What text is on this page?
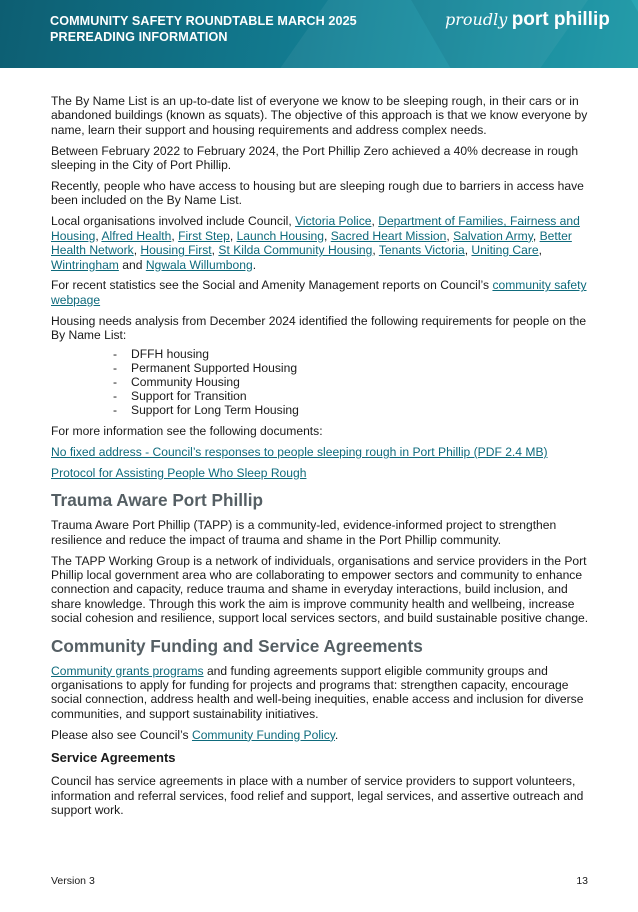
COMMUNITY SAFETY ROUNDTABLE MARCH 2025
PREREADING INFORMATION
proudly port phillip

The By Name List is an up-to-date list of everyone we know to be sleeping rough, in their cars or in abandoned buildings (known as squats). The objective of this approach is that we know everyone by name, learn their support and housing requirements and address complex needs.

Between February 2022 to February 2024, the Port Phillip Zero achieved a 40% decrease in rough sleeping in the City of Port Phillip.

Recently, people who have access to housing but are sleeping rough due to barriers in access have been included on the By Name List.

Local organisations involved include Council, Victoria Police, Department of Families, Fairness and Housing, Alfred Health, First Step, Launch Housing, Sacred Heart Mission, Salvation Army, Better Health Network, Housing First, St Kilda Community Housing, Tenants Victoria, Uniting Care, Wintringham and Ngwala Willumbong.

For recent statistics see the Social and Amenity Management reports on Council’s community safety webpage

Housing needs analysis from December 2024 identified the following requirements for people on the By Name List:

- DFFH housing
- Permanent Supported Housing
- Community Housing
- Support for Transition
- Support for Long Term Housing

For more information see the following documents:

No fixed address - Council’s responses to people sleeping rough in Port Phillip (PDF 2.4 MB)

Protocol for Assisting People Who Sleep Rough

Trauma Aware Port Phillip

Trauma Aware Port Phillip (TAPP) is a community-led, evidence-informed project to strengthen resilience and reduce the impact of trauma and shame in the Port Phillip community.

The TAPP Working Group is a network of individuals, organisations and service providers in the Port Phillip local government area who are collaborating to empower sectors and community to enhance connection and capacity, reduce trauma and shame in everyday interactions, build inclusion, and share knowledge. Through this work the aim is improve community health and wellbeing, increase social cohesion and resilience, support local services sectors, and build sustainable positive change.

Community Funding and Service Agreements

Community grants programs and funding agreements support eligible community groups and organisations to apply for funding for projects and programs that: strengthen capacity, encourage social connection, address health and well-being inequities, enable access and inclusion for diverse communities, and support sustainability initiatives.

Please also see Council’s Community Funding Policy.

Service Agreements

Council has service agreements in place with a number of service providers to support volunteers, information and referral services, food relief and support, legal services, and assertive outreach and support work.

Version 3	13
